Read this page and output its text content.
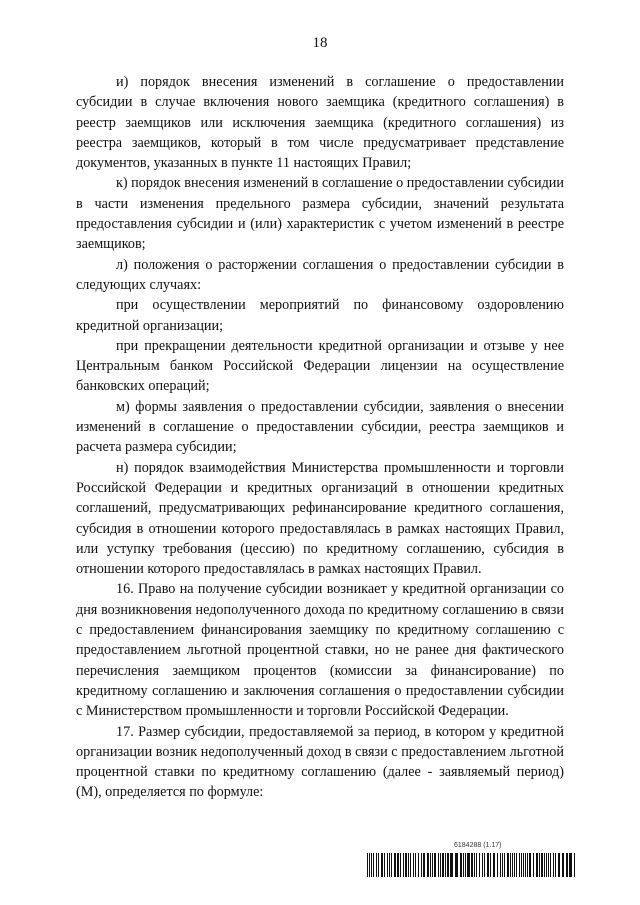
18

и) порядок внесения изменений в соглашение о предоставлении субсидии в случае включения нового заемщика (кредитного соглашения) в реестр заемщиков или исключения заемщика (кредитного соглашения) из реестра заемщиков, который в том числе предусматривает представление документов, указанных в пункте 11 настоящих Правил;

к) порядок внесения изменений в соглашение о предоставлении субсидии в части изменения предельного размера субсидии, значений результата предоставления субсидии и (или) характеристик с учетом изменений в реестре заемщиков;

л) положения о расторжении соглашения о предоставлении субсидии в следующих случаях:

при осуществлении мероприятий по финансовому оздоровлению кредитной организации;

при прекращении деятельности кредитной организации и отзыве у нее Центральным банком Российской Федерации лицензии на осуществление банковских операций;

м) формы заявления о предоставлении субсидии, заявления о внесении изменений в соглашение о предоставлении субсидии, реестра заемщиков и расчета размера субсидии;

н) порядок взаимодействия Министерства промышленности и торговли Российской Федерации и кредитных организаций в отношении кредитных соглашений, предусматривающих рефинансирование кредитного соглашения, субсидия в отношении которого предоставлялась в рамках настоящих Правил, или уступку требования (цессию) по кредитному соглашению, субсидия в отношении которого предоставлялась в рамках настоящих Правил.

16. Право на получение субсидии возникает у кредитной организации со дня возникновения недополученного дохода по кредитному соглашению в связи с предоставлением финансирования заемщику по кредитному соглашению с предоставлением льготной процентной ставки, но не ранее дня фактического перечисления заемщиком процентов (комиссии за финансирование) по кредитному соглашению и заключения соглашения о предоставлении субсидии с Министерством промышленности и торговли Российской Федерации.

17. Размер субсидии, предоставляемой за период, в котором у кредитной организации возник недополученный доход в связи с предоставлением льготной процентной ставки по кредитному соглашению (далее - заявляемый период) (М), определяется по формуле:

6184288 (1.17)
